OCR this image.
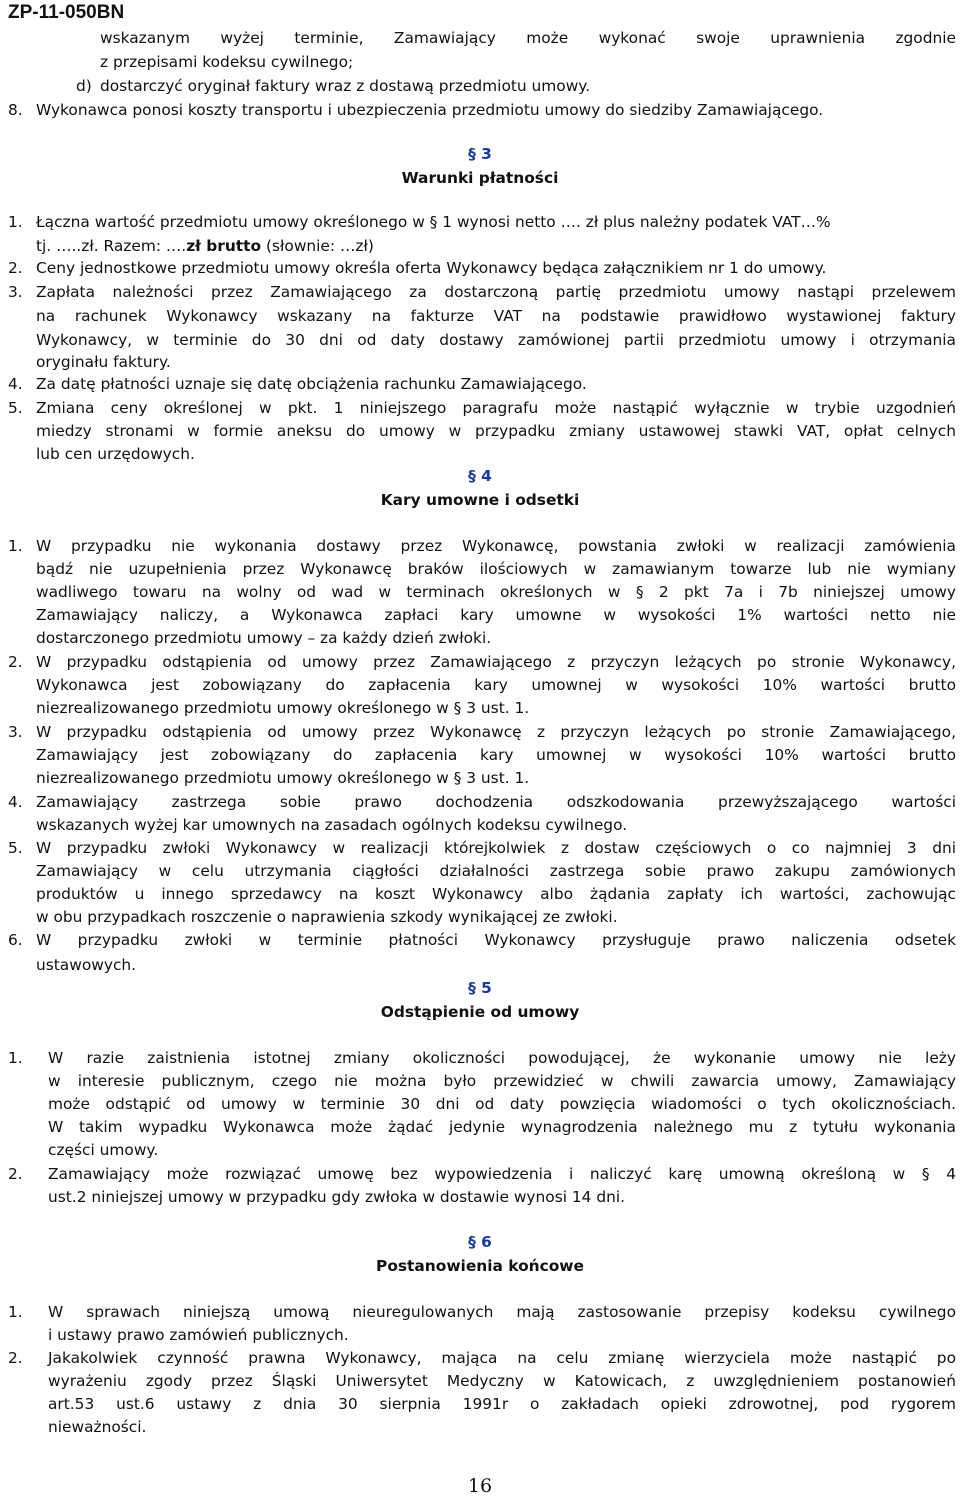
ZP-11-050BN
wskazanym wyżej terminie, Zamawiający może wykonać swoje uprawnienia zgodnie
z przepisami kodeksu cywilnego;
d) dostarczyć oryginał faktury wraz z dostawą przedmiotu umowy.
8. Wykonawca ponosi koszty transportu i ubezpieczenia przedmiotu umowy do siedziby Zamawiającego.
§ 3
Warunki płatności
1. Łączna wartość przedmiotu umowy określonego w § 1 wynosi netto …. zł plus należny podatek VAT…%
tj. …..zł. Razem: ….zł brutto (słownie: …zł)
2. Ceny jednostkowe przedmiotu umowy określa oferta Wykonawcy będąca załącznikiem nr 1 do umowy.
3. Zapłata należności przez Zamawiającego za dostarczoną partię przedmiotu umowy nastąpi przelewem
na rachunek Wykonawcy wskazany na fakturze VAT na podstawie prawidłowo wystawionej faktury
Wykonawcy, w terminie do 30 dni od daty dostawy zamówionej partii przedmiotu umowy i otrzymania
oryginału faktury.
4. Za datę płatności uznaje się datę obciążenia rachunku Zamawiającego.
5. Zmiana ceny określonej w pkt. 1 niniejszego paragrafu może nastąpić wyłącznie w trybie uzgodnień
miedzy stronami w formie aneksu do umowy w przypadku zmiany ustawowej stawki VAT, opłat celnych
lub cen urzędowych.
§ 4
Kary umowne i odsetki
1. W przypadku nie wykonania dostawy przez Wykonawcę, powstania zwłoki w realizacji zamówienia
bądź nie uzupełnienia przez Wykonawcę braków ilościowych w zamawianym towarze lub nie wymiany
wadliwego towaru na wolny od wad w terminach określonych w § 2 pkt 7a i 7b niniejszej umowy
Zamawiający naliczy, a Wykonawca zapłaci kary umowne w wysokości 1% wartości netto nie
dostarczonego przedmiotu umowy – za każdy dzień zwłoki.
2. W przypadku odstąpienia od umowy przez Zamawiającego z przyczyn leżących po stronie Wykonawcy,
Wykonawca jest zobowiązany do zapłacenia kary umownej w wysokości 10% wartości brutto
niezrealizowanego przedmiotu umowy określonego w § 3 ust. 1.
3. W przypadku odstąpienia od umowy przez Wykonawcę z przyczyn leżących po stronie Zamawiającego,
Zamawiający jest zobowiązany do zapłacenia kary umownej w wysokości 10% wartości brutto
niezrealizowanego przedmiotu umowy określonego w § 3 ust. 1.
4. Zamawiający zastrzega sobie prawo dochodzenia odszkodowania przewyższającego wartości
wskazanych wyżej kar umownych na zasadach ogólnych kodeksu cywilnego.
5. W przypadku zwłoki Wykonawcy w realizacji którejkolwiek z dostaw częściowych o co najmniej 3 dni
Zamawiający w celu utrzymania ciągłości działalności zastrzega sobie prawo zakupu zamówionych
produktów u innego sprzedawcy na koszt Wykonawcy albo żądania zapłaty ich wartości, zachowując
w obu przypadkach roszczenie o naprawienia szkody wynikającej ze zwłoki.
6. W przypadku zwłoki w terminie płatności Wykonawcy przysługuje prawo naliczenia odsetek
ustawowych.
§ 5
Odstąpienie od umowy
1. W razie zaistnienia istotnej zmiany okoliczności powodującej, że wykonanie umowy nie leży
w interesie publicznym, czego nie można było przewidzieć w chwili zawarcia umowy, Zamawiający
może odstąpić od umowy w terminie 30 dni od daty powzięcia wiadomości o tych okolicznościach.
W takim wypadku Wykonawca może żądać jedynie wynagrodzenia należnego mu z tytułu wykonania
części umowy.
2. Zamawiający może rozwiązać umowę bez wypowiedzenia i naliczyć karę umowną określoną w § 4
ust.2 niniejszej umowy w przypadku gdy zwłoka w dostawie wynosi 14 dni.
§ 6
Postanowienia końcowe
1. W sprawach niniejszą umową nieuregulowanych mają zastosowanie przepisy kodeksu cywilnego
i ustawy prawo zamówień publicznych.
2. Jakakolwiek czynność prawna Wykonawcy, mająca na celu zmianę wierzyciela może nastąpić po
wyrażeniu zgody przez Śląski Uniwersytet Medyczny w Katowicach, z uwzględnieniem postanowień
art.53 ust.6 ustawy z dnia 30 sierpnia 1991r o zakładach opieki zdrowotnej, pod rygorem
nieważności.
16
